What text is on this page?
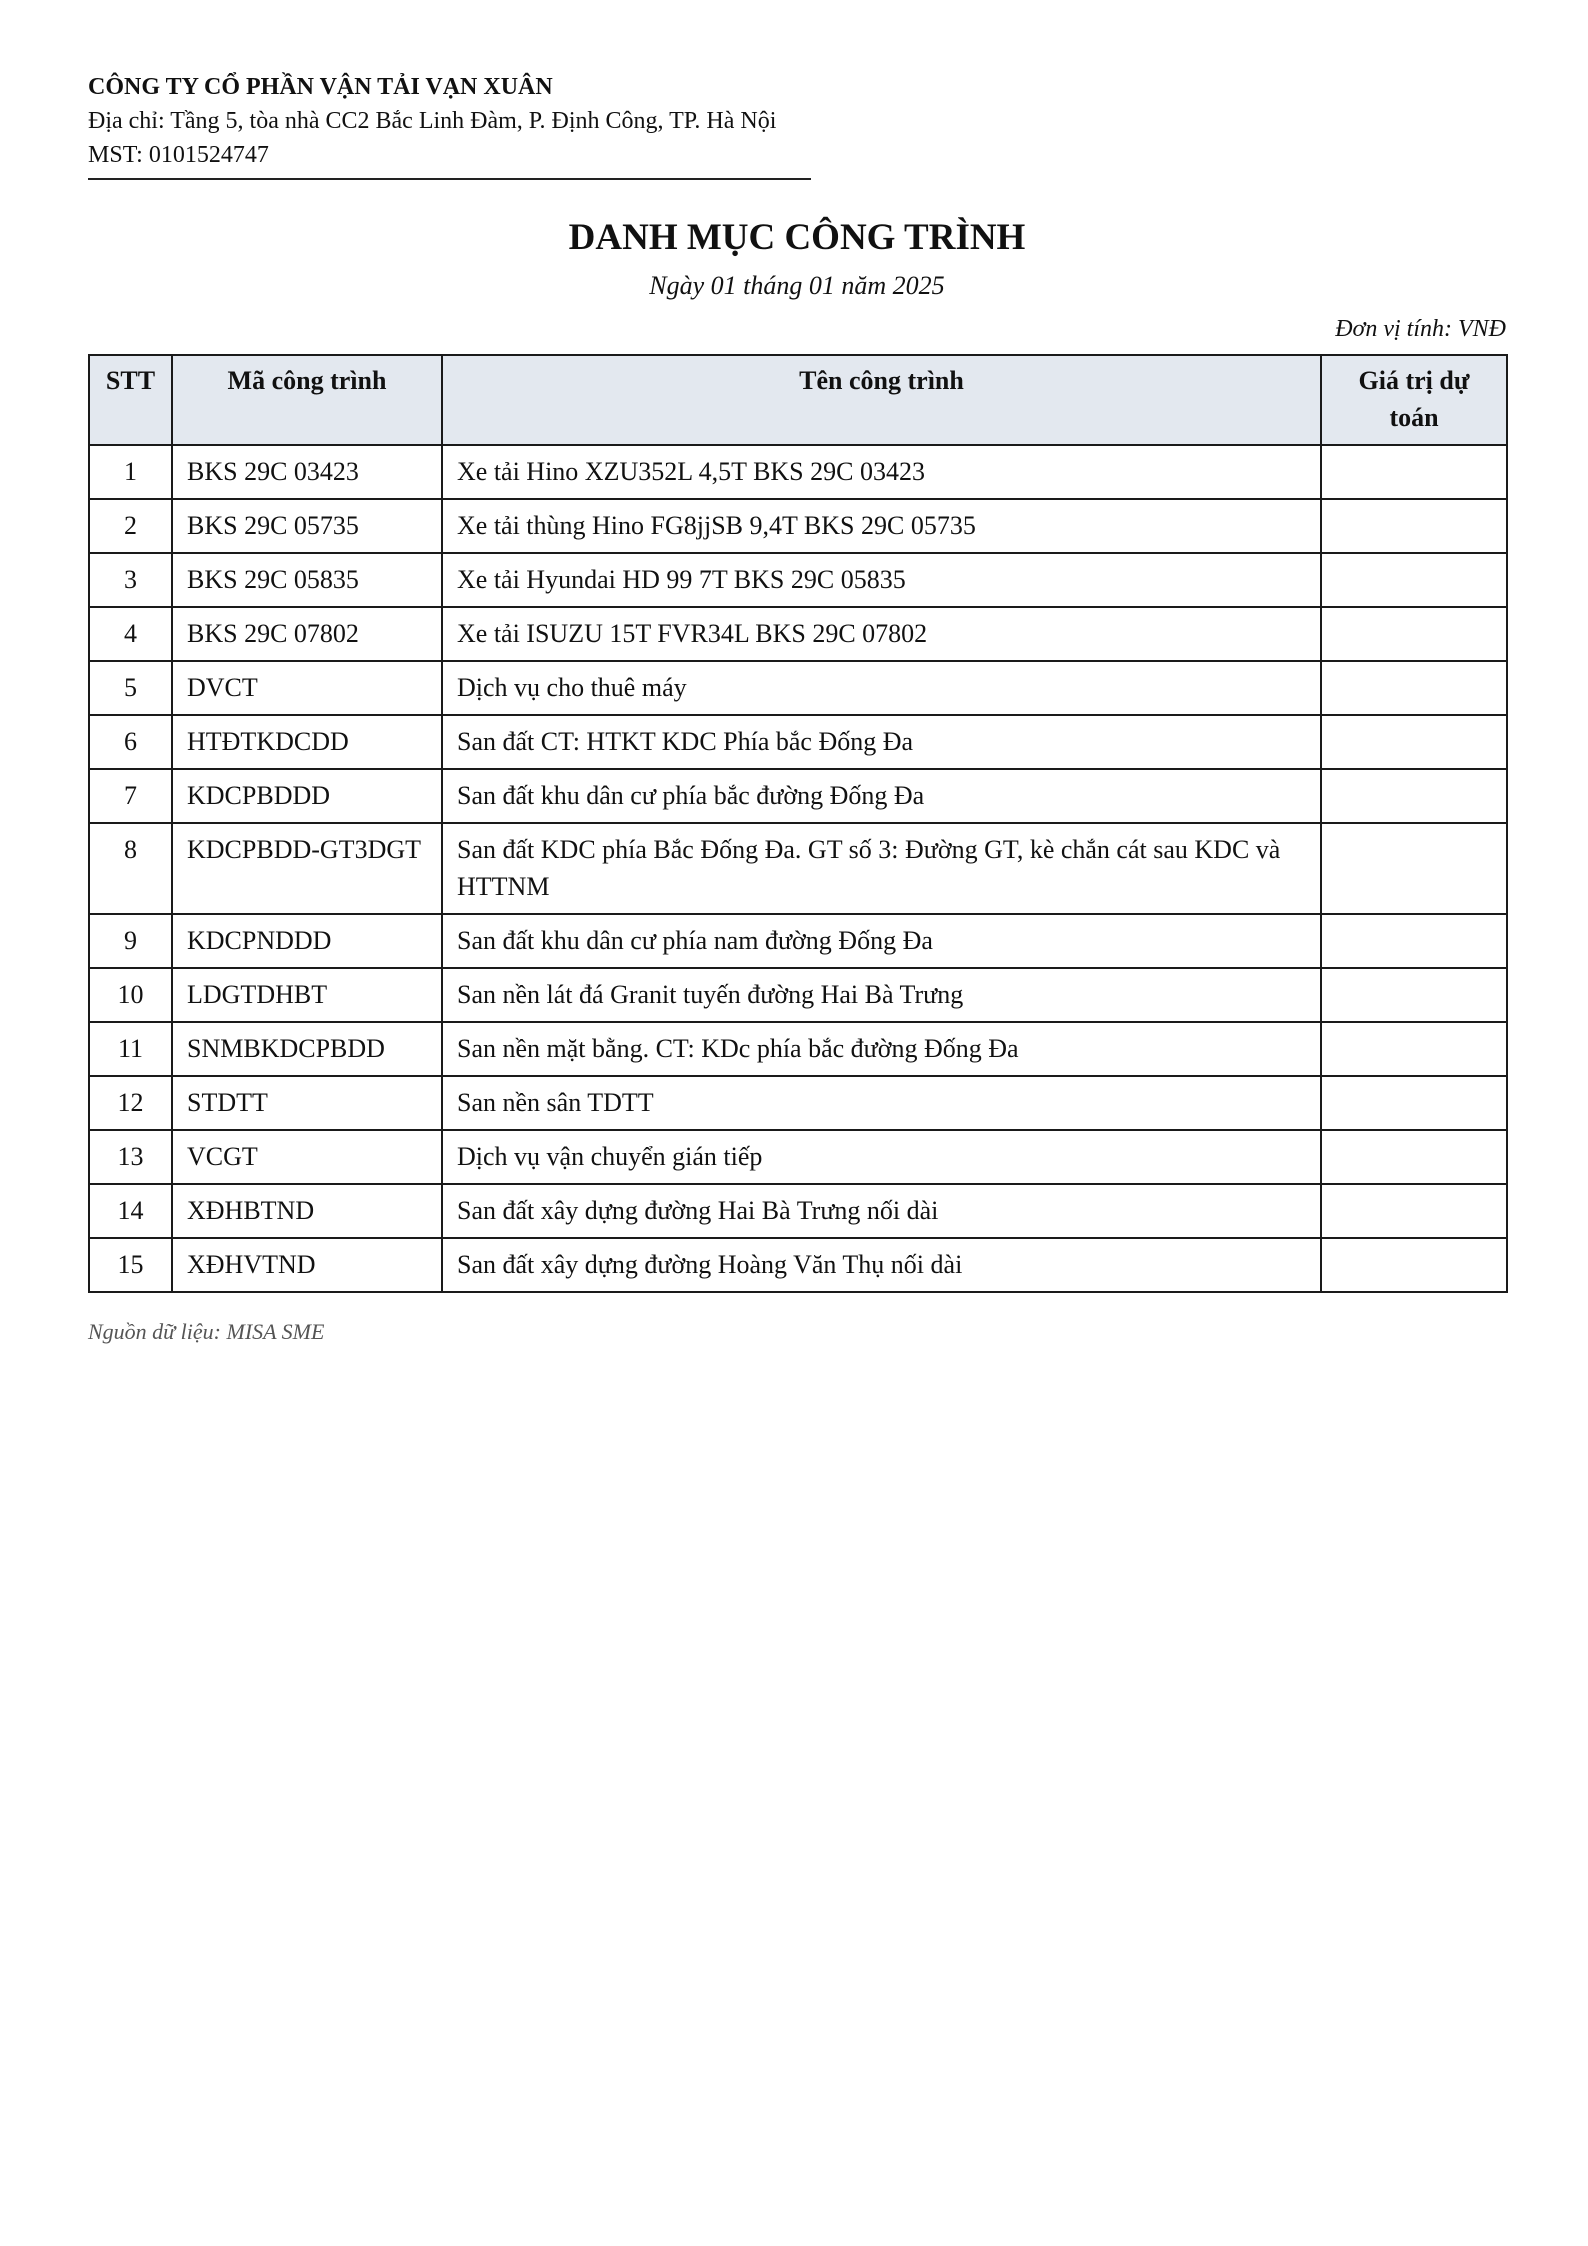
CÔNG TY CỔ PHẦN VẬN TẢI VẠN XUÂN
Địa chỉ: Tầng 5, tòa nhà CC2 Bắc Linh Đàm, P. Định Công, TP. Hà Nội
MST: 0101524747
DANH MỤC CÔNG TRÌNH
Ngày 01 tháng 01 năm 2025
Đơn vị tính: VNĐ
STT	Mã công trình	Tên công trình	Giá trị dự toán
1	BKS 29C 03423	Xe tải Hino XZU352L 4,5T BKS 29C 03423	
2	BKS 29C 05735	Xe tải thùng Hino FG8jjSB 9,4T BKS 29C 05735	
3	BKS 29C 05835	Xe tải Hyundai HD 99 7T BKS 29C 05835	
4	BKS 29C 07802	Xe tải ISUZU 15T FVR34L BKS 29C 07802	
5	DVCT	Dịch vụ cho thuê máy	
6	HTĐTKDCDD	San đất CT: HTKT KDC Phía bắc Đống Đa	
7	KDCPBDDD	San đất khu dân cư phía bắc đường Đống Đa	
8	KDCPBDD-GT3DGT	San đất KDC phía Bắc Đống Đa. GT số 3: Đường GT, kè chắn cát sau KDC và HTTNM	
9	KDCPNDDD	San đất khu dân cư phía nam đường Đống Đa	
10	LDGTDHBT	San nền lát đá Granit tuyến đường Hai Bà Trưng	
11	SNMBKDCPBDD	San nền mặt bằng. CT: KDc phía bắc đường Đống Đa	
12	STDTT	San nền sân TDTT	
13	VCGT	Dịch vụ vận chuyển gián tiếp	
14	XĐHBTND	San đất xây dựng đường Hai Bà Trưng nối dài	
15	XĐHVTND	San đất xây dựng đường Hoàng Văn Thụ nối dài	
Nguồn dữ liệu: MISA SME
